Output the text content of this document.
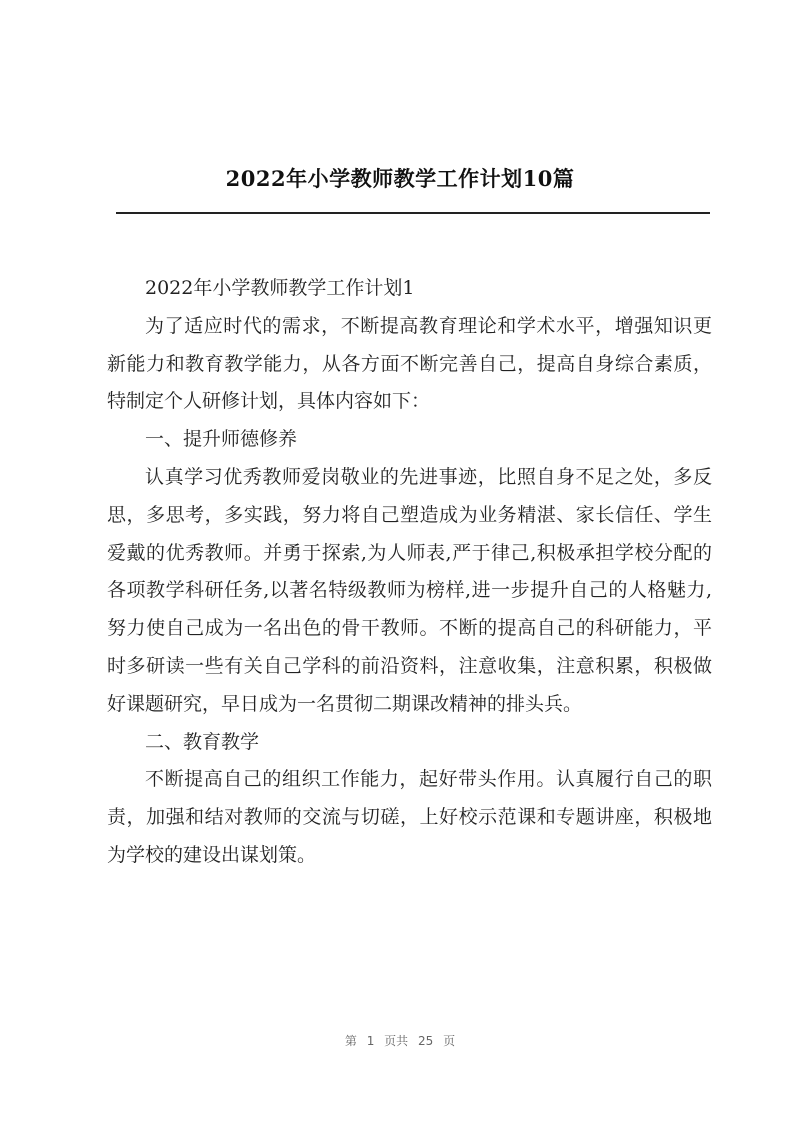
2022年小学教师教学工作计划10篇

2022年小学教师教学工作计划1

为了适应时代的需求，不断提高教育理论和学术水平，增强知识更新能力和教育教学能力，从各方面不断完善自己，提高自身综合素质，特制定个人研修计划，具体内容如下：

一、提升师德修养

认真学习优秀教师爱岗敬业的先进事迹，比照自身不足之处，多反思，多思考，多实践，努力将自己塑造成为业务精湛、家长信任、学生爱戴的优秀教师。并勇于探索,为人师表,严于律己,积极承担学校分配的各项教学科研任务,以著名特级教师为榜样,进一步提升自己的人格魅力,努力使自己成为一名出色的骨干教师。不断的提高自己的科研能力，平时多研读一些有关自己学科的前沿资料，注意收集，注意积累，积极做好课题研究，早日成为一名贯彻二期课改精神的排头兵。

二、教育教学

不断提高自己的组织工作能力，起好带头作用。认真履行自己的职责，加强和结对教师的交流与切磋，上好校示范课和专题讲座，积极地为学校的建设出谋划策。

第 1 页共 25 页
